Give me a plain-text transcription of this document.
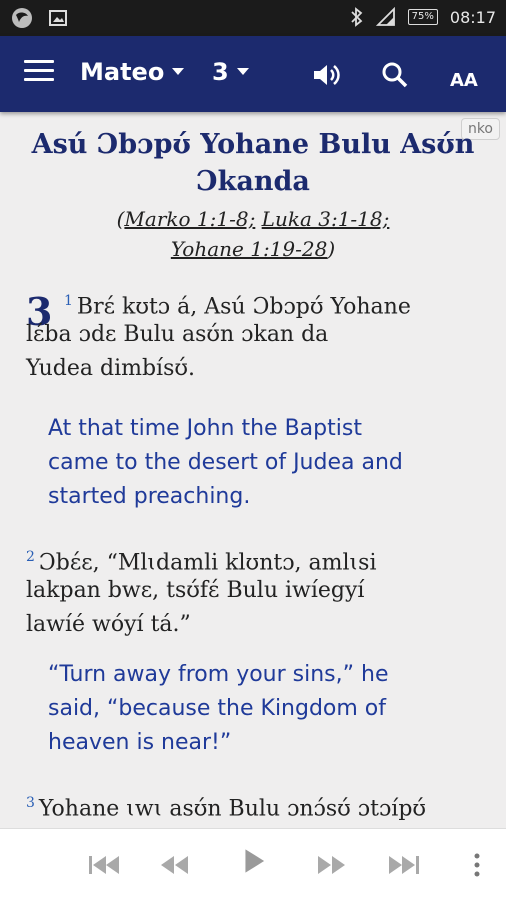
75% 08:17
Mateo	3	AA
nko
Asú Ɔbɔpʊ́ Yohane Bulu Asʊ́n
Ɔkanda
(Marko 1:1-8; Luka 3:1-18;
Yohane 1:19-28)
3 $^1$ Brɛ́ kʊtɔ á, Asú Ɔbɔpʊ́ Yohane
lɛ́ba ɔdɛ Bulu asʊ́n ɔkan da
Yudea dimbísʊ́.
At that time John the Baptist
came to the desert of Judea and
started preaching.
$^2$ Ɔbɛ́ɛ, “Mlɩdamli klʊntɔ, amlɩsi
lakpan bwɛ, tsʊ́fɛ́ Bulu iwíegyí
lawíé wóyí tá.”
“Turn away from your sins,” he
said, “because the Kingdom of
heaven is near!”
$^3$ Yohane ɩwɩ asʊ́n Bulu ɔnɔ́sʊ́ ɔtɔípʊ́
